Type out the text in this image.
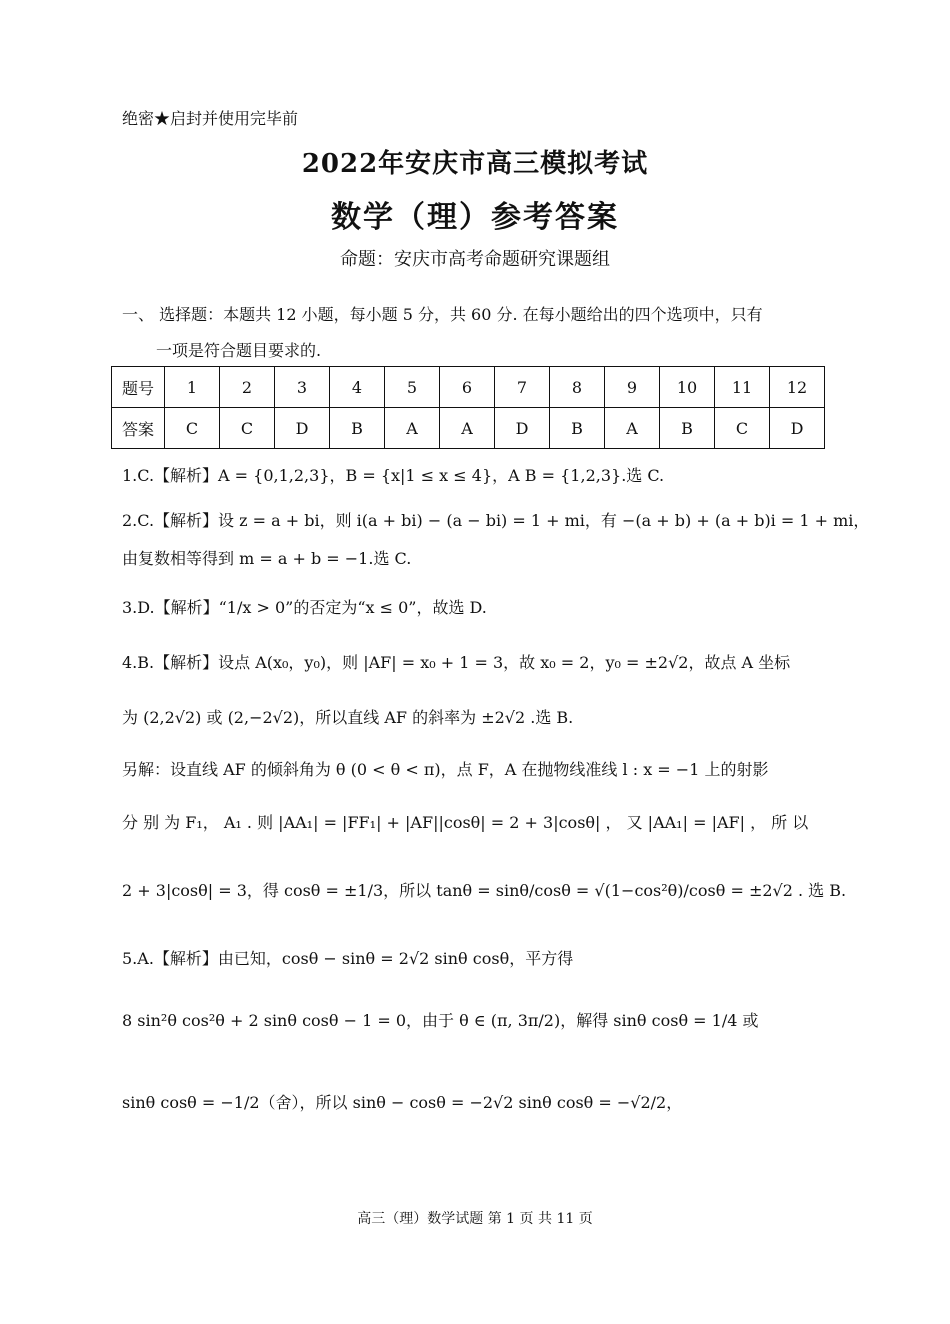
绝密★启封并使用完毕前
2022年安庆市高三模拟考试
数学（理）参考答案
命题：安庆市高考命题研究课题组
一、 选择题：本题共 12 小题，每小题 5 分，共 60 分. 在每小题给出的四个选项中，只有
一项是符合题目要求的.
题号	1	2	3	4	5	6	7	8	9	10	11	12
答案	C	C	D	B	A	A	D	B	A	B	C	D
1.C.【解析】A = {0,1,2,3}，B = {x|1 ≤ x ≤ 4}，A B = {1,2,3}.选 C.
2.C.【解析】设 z = a + bi，则 i(a + bi) − (a − bi) = 1 + mi，有 −(a + b) + (a + b)i = 1 + mi，
由复数相等得到 m = a + b = −1.选 C.
3.D.【解析】“1/x > 0”的否定为“x ≤ 0”，故选 D.
4.B.【解析】设点 A(x₀，y₀)，则 |AF| = x₀ + 1 = 3，故 x₀ = 2，y₀ = ±2√2，故点 A 坐标
为 (2,2√2) 或 (2,−2√2)，所以直线 AF 的斜率为 ±2√2 .选 B.
另解：设直线 AF 的倾斜角为 θ (0 < θ < π)，点 F，A 在抛物线准线 l : x = −1 上的射影
分 别 为 F₁， A₁ . 则 |AA₁| = |FF₁| + |AF||cosθ| = 2 + 3|cosθ| ， 又 |AA₁| = |AF| ， 所 以
2 + 3|cosθ| = 3，得 cosθ = ±1/3，所以 tanθ = sinθ/cosθ = √(1−cos²θ)/cosθ = ±2√2 . 选 B.
5.A.【解析】由已知，cosθ − sinθ = 2√2 sinθ cosθ，平方得
8 sin²θ cos²θ + 2 sinθ cosθ − 1 = 0，由于 θ ∈ (π, 3π/2)，解得 sinθ cosθ = 1/4 或
sinθ cosθ = −1/2（舍），所以 sinθ − cosθ = −2√2 sinθ cosθ = −√2/2，
高三（理）数学试题 第 1 页 共 11 页
